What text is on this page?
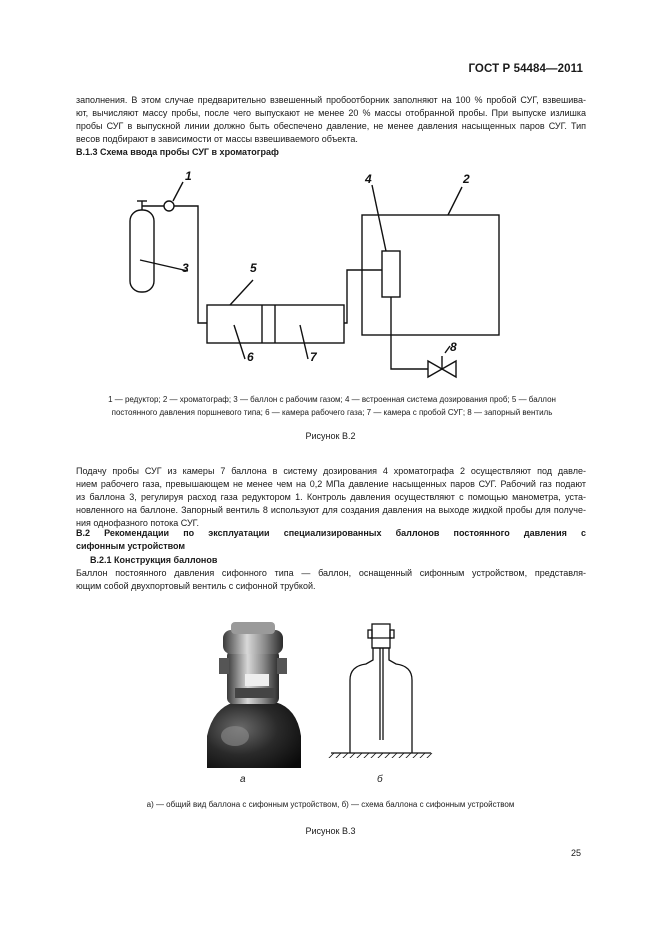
ГОСТ Р 54484—2011

заполнения. В этом случае предварительно взвешенный пробоотборник заполняют на 100 % пробой СУГ, взвешива-

ют, вычисляют массу пробы, после чего выпускают не менее 20 % массы отобранной пробы. При выпуске излишка

пробы СУГ в выпускной линии должно быть обеспечено давление, не менее давления насыщенных паров СУГ. Тип

весов подбирают в зависимости от массы взвешиваемого объекта.

В.1.3 Схема ввода пробы СУГ в хроматограф
1	2
3
4
5
6	7
8
1 — редуктор; 2 — хроматограф; 3 — баллон с рабочим газом; 4 — встроенная система дозирования проб; 5 — баллон
постоянного давления поршневого типа; 6 — камера рабочего газа; 7 — камера с пробой СУГ; 8 — запорный вентиль
Рисунок В.2

Подачу пробы СУГ из камеры 7 баллона в систему дозирования 4 хроматографа 2 осуществляют под давле-

нием рабочего газа, превышающем не менее чем на 0,2 МПа давление насыщенных паров СУГ. Рабочий газ подают

из баллона 3, регулируя расход газа редуктором 1. Контроль давления осуществляют с помощью манометра, уста-

новленного на баллоне. Запорный вентиль 8 используют для создания давления на выходе жидкой пробы для получе-

ния однофазного потока СУГ.

В.2 Рекомендации по эксплуатации специализированных баллонов постоянного давления с

сифонным устройством

В.2.1 Конструкция баллонов

Баллон постоянного давления сифонного типа — баллон, оснащенный сифонным устройством, представля-

ющим собой двухпортовый вентиль с сифонной трубкой.

а	б
а) — общий вид баллона с сифонным устройством, б) — схема баллона с сифонным устройством
Рисунок В.3
25
